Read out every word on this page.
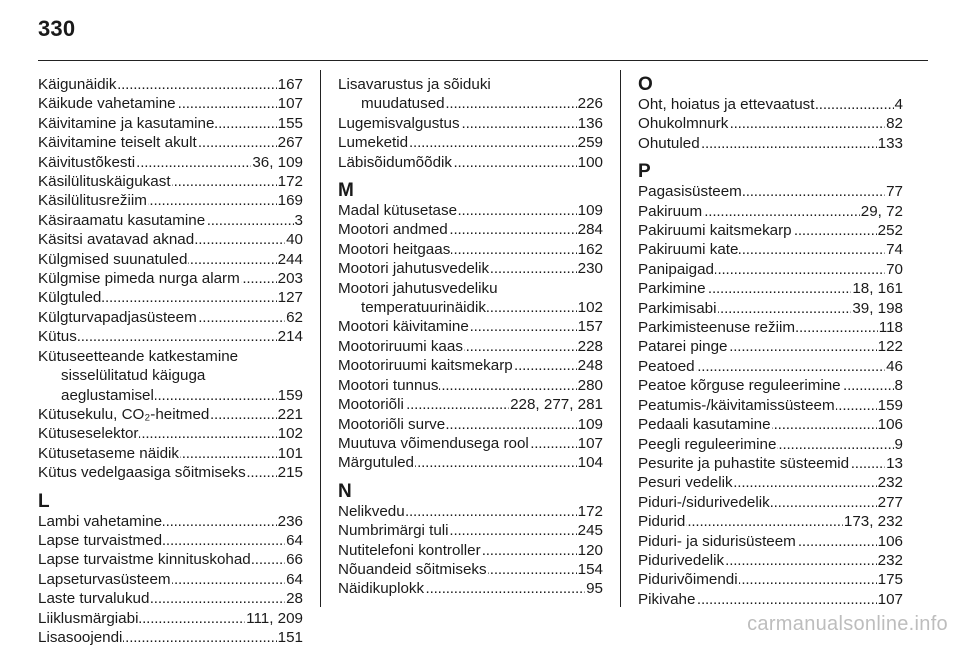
330
Käigunäidik . . .	167
Käikude vahetamine . . .	107
Käivitamine ja kasutamine . . .	155
Käivitamine teiselt akult . . .	267
Käivitustõkesti . . .	36, 109
Käsilülituskäigukast . . .	172
Käsilülitusrežiim . . .	169
Käsiraamatu kasutamine . . .	3
Käsitsi avatavad aknad . . .	40
Külgmised suunatuled . . .	244
Külgmise pimeda nurga alarm . . . 203
Külgtuled . . .	127
Külgturvapadjasüsteem . . .	62
Kütus . . .	214
Kütuseetteande katkestamine
sisselülitatud käiguga
aeglustamisel . . .	159
Kütusekulu, CO₂-heitmed . . .	221
Kütuseselektor . . .	102
Kütusetaseme näidik . . .	101
Kütus vedelgaasiga sõitmiseks . . . 215
L
Lambi vahetamine . . .	236
Lapse turvaistmed . . .	64
Lapse turvaistme kinnituskohad . . . 66
Lapseturvasüsteem . . .	64
Laste turvalukud . . .	28
Liiklusmärgiabi . . .	111, 209
Lisasoojendi . . .	151
Lisavarustus ja sõiduki
muudatused . . .	226
Lugemisvalgustus . . .	136
Lumeketid . . .	259
Läbisõidumõõdik . . .	100
M
Madal kütusetase . . .	109
Mootori andmed . . .	284
Mootori heitgaas . . .	162
Mootori jahutusvedelik . . .	230
Mootori jahutusvedeliku
temperatuurinäidik . . .	102
Mootori käivitamine . . .	157
Mootoriruumi kaas . . .	228
Mootoriruumi kaitsmekarp . . .	248
Mootori tunnus . . .	280
Mootoriõli . . .	228, 277, 281
Mootoriõli surve . . .	109
Muutuva võimendusega rool . . .	107
Märgutuled . . .	104
N
Nelikvedu . . .	172
Numbrimärgi tuli . . .	245
Nutitelefoni kontroller . . .	120
Nõuandeid sõitmiseks . . .	154
Näidikuplokk . . .	95
O
Oht, hoiatus ja ettevaatust . . .	4
Ohukolmnurk . . .	82
Ohutuled . . .	133
P
Pagasisüsteem . . .	77
Pakiruum . . .	29, 72
Pakiruumi kaitsmekarp . . .	252
Pakiruumi kate . . .	74
Panipaigad . . .	70
Parkimine . . .	18, 161
Parkimisabi . . .	39, 198
Parkimisteenuse režiim . . .	118
Patarei pinge . . .	122
Peatoed . . .	46
Peatoe kõrguse reguleerimine . . .	8
Peatumis-/käivitamissüsteem . . .	159
Pedaali kasutamine . . .	106
Peegli reguleerimine . . .	9
Pesurite ja puhastite süsteemid . . . 13
Pesuri vedelik . . .	232
Piduri-/sidurivedelik . . .	277
Pidurid . . .	173, 232
Piduri- ja sidurisüsteem . . .	106
Pidurivedelik . . .	232
Pidurivõimendi . . .	175
Pikivahe . . .	107
carmanualsonline.info
